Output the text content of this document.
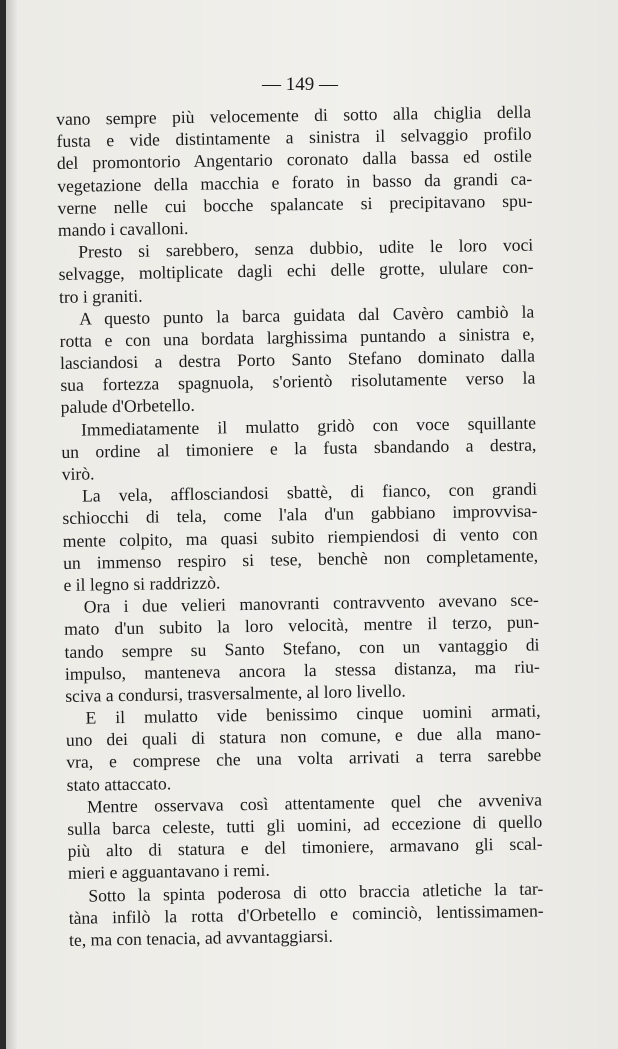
— 149 —
vano sempre più velocemente di sotto alla chiglia della
fusta e vide distintamente a sinistra il selvaggio profilo
del promontorio Angentario coronato dalla bassa ed ostile
vegetazione della macchia e forato in basso da grandi ca-
verne nelle cui bocche spalancate si precipitavano spu-
mando i cavalloni.
Presto si sarebbero, senza dubbio, udite le loro voci
selvagge, moltiplicate dagli echi delle grotte, ululare con-
tro i graniti.
A questo punto la barca guidata dal Cavèro cambiò la
rotta e con una bordata larghissima puntando a sinistra e,
lasciandosi a destra Porto Santo Stefano dominato dalla
sua fortezza spagnuola, s'orientò risolutamente verso la
palude d'Orbetello.
Immediatamente il mulatto gridò con voce squillante
un ordine al timoniere e la fusta sbandando a destra,
virò.
La vela, afflosciandosi sbattè, di fianco, con grandi
schiocchi di tela, come l'ala d'un gabbiano improvvisa-
mente colpito, ma quasi subito riempiendosi di vento con
un immenso respiro si tese, benchè non completamente,
e il legno si raddrizzò.
Ora i due velieri manovranti contravvento avevano sce-
mato d'un subito la loro velocità, mentre il terzo, pun-
tando sempre su Santo Stefano, con un vantaggio di
impulso, manteneva ancora la stessa distanza, ma riu-
sciva a condursi, trasversalmente, al loro livello.
E il mulatto vide benissimo cinque uomini armati,
uno dei quali di statura non comune, e due alla mano-
vra, e comprese che una volta arrivati a terra sarebbe
stato attaccato.
Mentre osservava così attentamente quel che avveniva
sulla barca celeste, tutti gli uomini, ad eccezione di quello
più alto di statura e del timoniere, armavano gli scal-
mieri e agguantavano i remi.
Sotto la spinta poderosa di otto braccia atletiche la tar-
tàna infilò la rotta d'Orbetello e cominciò, lentissimamen-
te, ma con tenacia, ad avvantaggiarsi.
